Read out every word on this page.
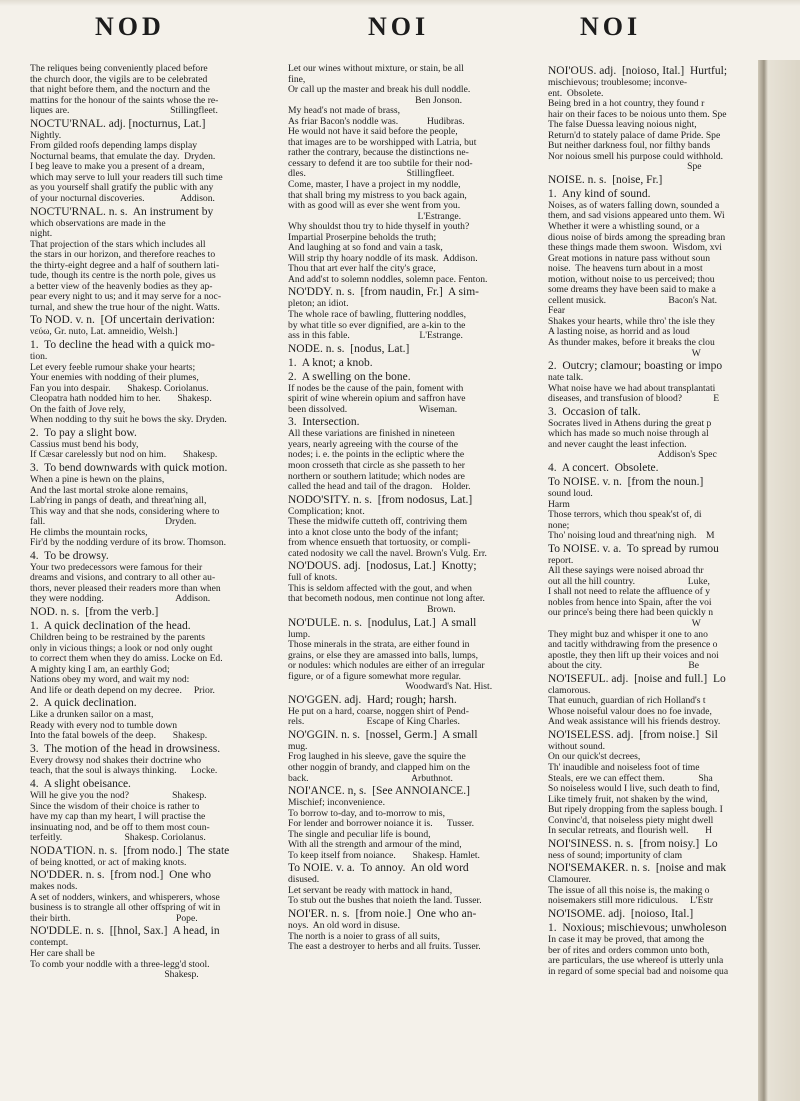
NOD	NOI	NOI

The reliques being conveniently placed before

the church door, the vigils are to be celebrated

that night before them, and the nocturn and the

mattins for the honour of the saints whose the re-

liques are.                                          Stillingfleet.

NOCTU'RNAL. adj. [nocturnus, Lat.]

Nightly.

From gilded roofs depending lamps display

Nocturnal beams, that emulate the day.  Dryden.

I beg leave to make you a present of a dream,

which may serve to lull your readers till such time

as you yourself shall gratify the public with any

of your nocturnal discoveries.               Addison.

NOCTU'RNAL. n. s.  An instrument by

which observations are made in the

night.

That projection of the stars which includes all

the stars in our horizon, and therefore reaches to

the thirty-eight degree and a half of southern lati-

tude, though its centre is the north pole, gives us

a better view of the heavenly bodies as they ap-

pear every night to us; and it may serve for a noc-

turnal, and shew the true hour of the night. Watts.

To NOD. v. n.  [Of uncertain derivation:

νεύω, Gr. nuto, Lat. amneidio, Welsh.]

1.  To decline the head with a quick mo-

tion.

Let every feeble rumour shake your hearts;

Your enemies with nodding of their plumes,

Fan you into despair.       Shakesp. Coriolanus.

Cleopatra hath nodded him to her.       Shakesp.

On the faith of Jove rely,

When nodding to thy suit he bows the sky. Dryden.

2.  To pay a slight bow.

Cassius must bend his body,

If Cæsar carelessly but nod on him.       Shakesp.

3.  To bend downwards with quick motion.

When a pine is hewn on the plains,

And the last mortal stroke alone remains,

Lab'ring in pangs of death, and threat'ning all,

This way and that she nods, considering where to

fall.                                                  Dryden.

He climbs the mountain rocks,

Fir'd by the nodding verdure of its brow. Thomson.

4.  To be drowsy.

Your two predecessors were famous for their

dreams and visions, and contrary to all other au-

thors, never pleased their readers more than when

they were nodding.                              Addison.

NOD. n. s.  [from the verb.]

1.  A quick declination of the head.

Children being to be restrained by the parents

only in vicious things; a look or nod only ought

to correct them when they do amiss. Locke on Ed.

A mighty king I am, an earthly God;

Nations obey my word, and wait my nod:

And life or death depend on my decree.     Prior.

2.  A quick declination.

Like a drunken sailor on a mast,

Ready with every nod to tumble down

Into the fatal bowels of the deep.       Shakesp.

3.  The motion of the head in drowsiness.

Every drowsy nod shakes their doctrine who

teach, that the soul is always thinking.      Locke.

4.  A slight obeisance.

Will he give you the nod?                  Shakesp.

Since the wisdom of their choice is rather to

have my cap than my heart, I will practise the

insinuating nod, and be off to them most coun-

terfeitly.                          Shakesp. Coriolanus.

NODA'TION. n. s.  [from nodo.]  The state

of being knotted, or act of making knots.

NO'DDER. n. s.  [from nod.]  One who

makes nods.

A set of nodders, winkers, and whisperers, whose

business is to strangle all other offspring of wit in

their birth.                                            Pope.

NO'DDLE. n. s.  [[hnol, Sax.]  A head, in

contempt.

Her care shall be

To comb your noddle with a three-legg'd stool.

Shakesp.

Let our wines without mixture, or stain, be all

fine,

Or call up the master and break his dull noddle.

Ben Jonson.

My head's not made of brass,

As friar Bacon's noddle was.            Hudibras.

He would not have it said before the people,

that images are to be worshipped with Latria, but

rather the contrary, because the distinctions ne-

cessary to defend it are too subtile for their nod-

dles.                                          Stillingfleet.

Come, master, I have a project in my noddle,

that shall bring my mistress to you back again,

with as good will as ever she went from you.

L'Estrange.

Why shouldst thou try to hide thyself in youth?

Impartial Proserpine beholds the truth;

And laughing at so fond and vain a task,

Will strip thy hoary noddle of its mask.  Addison.

Thou that art ever half the city's grace,

And add'st to solemn noddles, solemn pace. Fenton.

NO'DDY. n. s.  [from naudin, Fr.]  A sim-

pleton; an idiot.

The whole race of bawling, fluttering noddles,

by what title so ever dignified, are a-kin to the

ass in this fable.                             L'Estrange.

NODE. n. s.  [nodus, Lat.]

1.  A knot; a knob.

2.  A swelling on the bone.

If nodes be the cause of the pain, foment with

spirit of wine wherein opium and saffron have

been dissolved.                              Wiseman.

3.  Intersection.

All these variations are finished in nineteen

years, nearly agreeing with the course of the

nodes; i. e. the points in the ecliptic where the

moon crosseth that circle as she passeth to her

northern or southern latitude; which nodes are

called the head and tail of the dragon.    Holder.

NODO'SITY. n. s.  [from nodosus, Lat.]

Complication; knot.

These the midwife cutteth off, contriving them

into a knot close unto the body of the infant;

from whence ensueth that tortuosity, or compli-

cated nodosity we call the navel. Brown's Vulg. Err.

NO'DOUS. adj.  [nodosus, Lat.]  Knotty;

full of knots.

This is seldom affected with the gout, and when

that becometh nodous, men continue not long after.

Brown.

NO'DULE. n. s.  [nodulus, Lat.]  A small

lump.

Those minerals in the strata, are either found in

grains, or else they are amassed into balls, lumps,

or nodules: which nodules are either of an irregular

figure, or of a figure somewhat more regular.

Woodward's Nat. Hist.

NO'GGEN. adj.  Hard; rough; harsh.

He put on a hard, coarse, noggen shirt of Pend-

rels.                          Escape of King Charles.

NO'GGIN. n. s.  [nossel, Germ.]  A small

mug.

Frog laughed in his sleeve, gave the squire the

other noggin of brandy, and clapped him on the

back.                                           Arbuthnot.

NOI'ANCE. n, s.  [See ANNOIANCE.]

Mischief; inconvenience.

To borrow to-day, and to-morrow to mis,

For lender and borrower noiance it is.      Tusser.

The single and peculiar life is bound,

With all the strength and armour of the mind,

To keep itself from noiance.       Shakesp. Hamlet.

To NOIE. v. a.  To annoy.  An old word

disused.

Let servant be ready with mattock in hand,

To stub out the bushes that noieth the land. Tusser.

NOI'ER. n. s.  [from noie.]  One who an-

noys.  An old word in disuse.

The north is a noier to grass of all suits,

The east a destroyer to herbs and all fruits. Tusser.

NOI'OUS. adj.  [noioso, Ital.]  Hurtful;

mischievous; troublesome; inconve-

ent.  Obsolete.

Being bred in a hot country, they found r

hair on their faces to be noious unto them. Spe

The false Duessa leaving noious night,

Return'd to stately palace of dame Pride. Spe

But neither darkness foul, nor filthy bands

Nor noious smell his purpose could withhold.

Spe

NOISE. n. s.  [noise, Fr.]

1.  Any kind of sound.

Noises, as of waters falling down, sounded a

them, and sad visions appeared unto them. Wi

Whether it were a whistling sound, or a

dious noise of birds among the spreading bran

these things made them swoon.  Wisdom, xvi

Great motions in nature pass without soun

noise.  The heavens turn about in a most

motion, without noise to us perceived; thou

some dreams they have been said to make a

cellent musick.                          Bacon's Nat.

Fear

Shakes your hearts, while thro' the isle they

A lasting noise, as horrid and as loud

As thunder makes, before it breaks the clou

W

2.  Outcry; clamour; boasting or impo

nate talk.

What noise have we had about transplantati

diseases, and transfusion of blood?             E

3.  Occasion of talk.

Socrates lived in Athens during the great p

which has made so much noise through al

and never caught the least infection.

Addison's Spec

4.  A concert.  Obsolete.

To NOISE. v. n.  [from the noun.]

sound loud.

Harm

Those terrors, which thou speak'st of, di

none;

Tho' noising loud and threat'ning nigh.    M

To NOISE. v. a.  To spread by rumou

report.

All these sayings were noised abroad thr

out all the hill country.                      Luke,

I shall not need to relate the affluence of y

nobles from hence into Spain, after the voi

our prince's being there had been quickly n

W

They might buz and whisper it one to ano

and tacitly withdrawing from the presence o

apostle, they then lift up their voices and noi

about the city.                                    Be

NO'ISEFUL. adj.  [noise and full.]  Lo

clamorous.

That eunuch, guardian of rich Holland's t

Whose noiseful valour does no foe invade,

And weak assistance will his friends destroy.

NO'ISELESS. adj.  [from noise.]  Sil

without sound.

On our quick'st decrees,

Th' inaudible and noiseless foot of time

Steals, ere we can effect them.              Sha

So noiseless would I live, such death to find,

Like timely fruit, not shaken by the wind,

But ripely dropping from the sapless bough. I

Convinc'd, that noiseless piety might dwell

In secular retreats, and flourish well.       H

NOI'SINESS. n. s.  [from noisy.]  Lo

ness of sound; importunity of clam

NOI'SEMAKER. n. s.  [noise and mak

Clamourer.

The issue of all this noise is, the making o

noisemakers still more ridiculous.     L'Estr

NO'ISOME. adj.  [noioso, Ital.]

1.  Noxious; mischievous; unwholeson

In case it may be proved, that among the

ber of rites and orders common unto both,

are particulars, the use whereof is utterly unla

in regard of some special bad and noisome qua
